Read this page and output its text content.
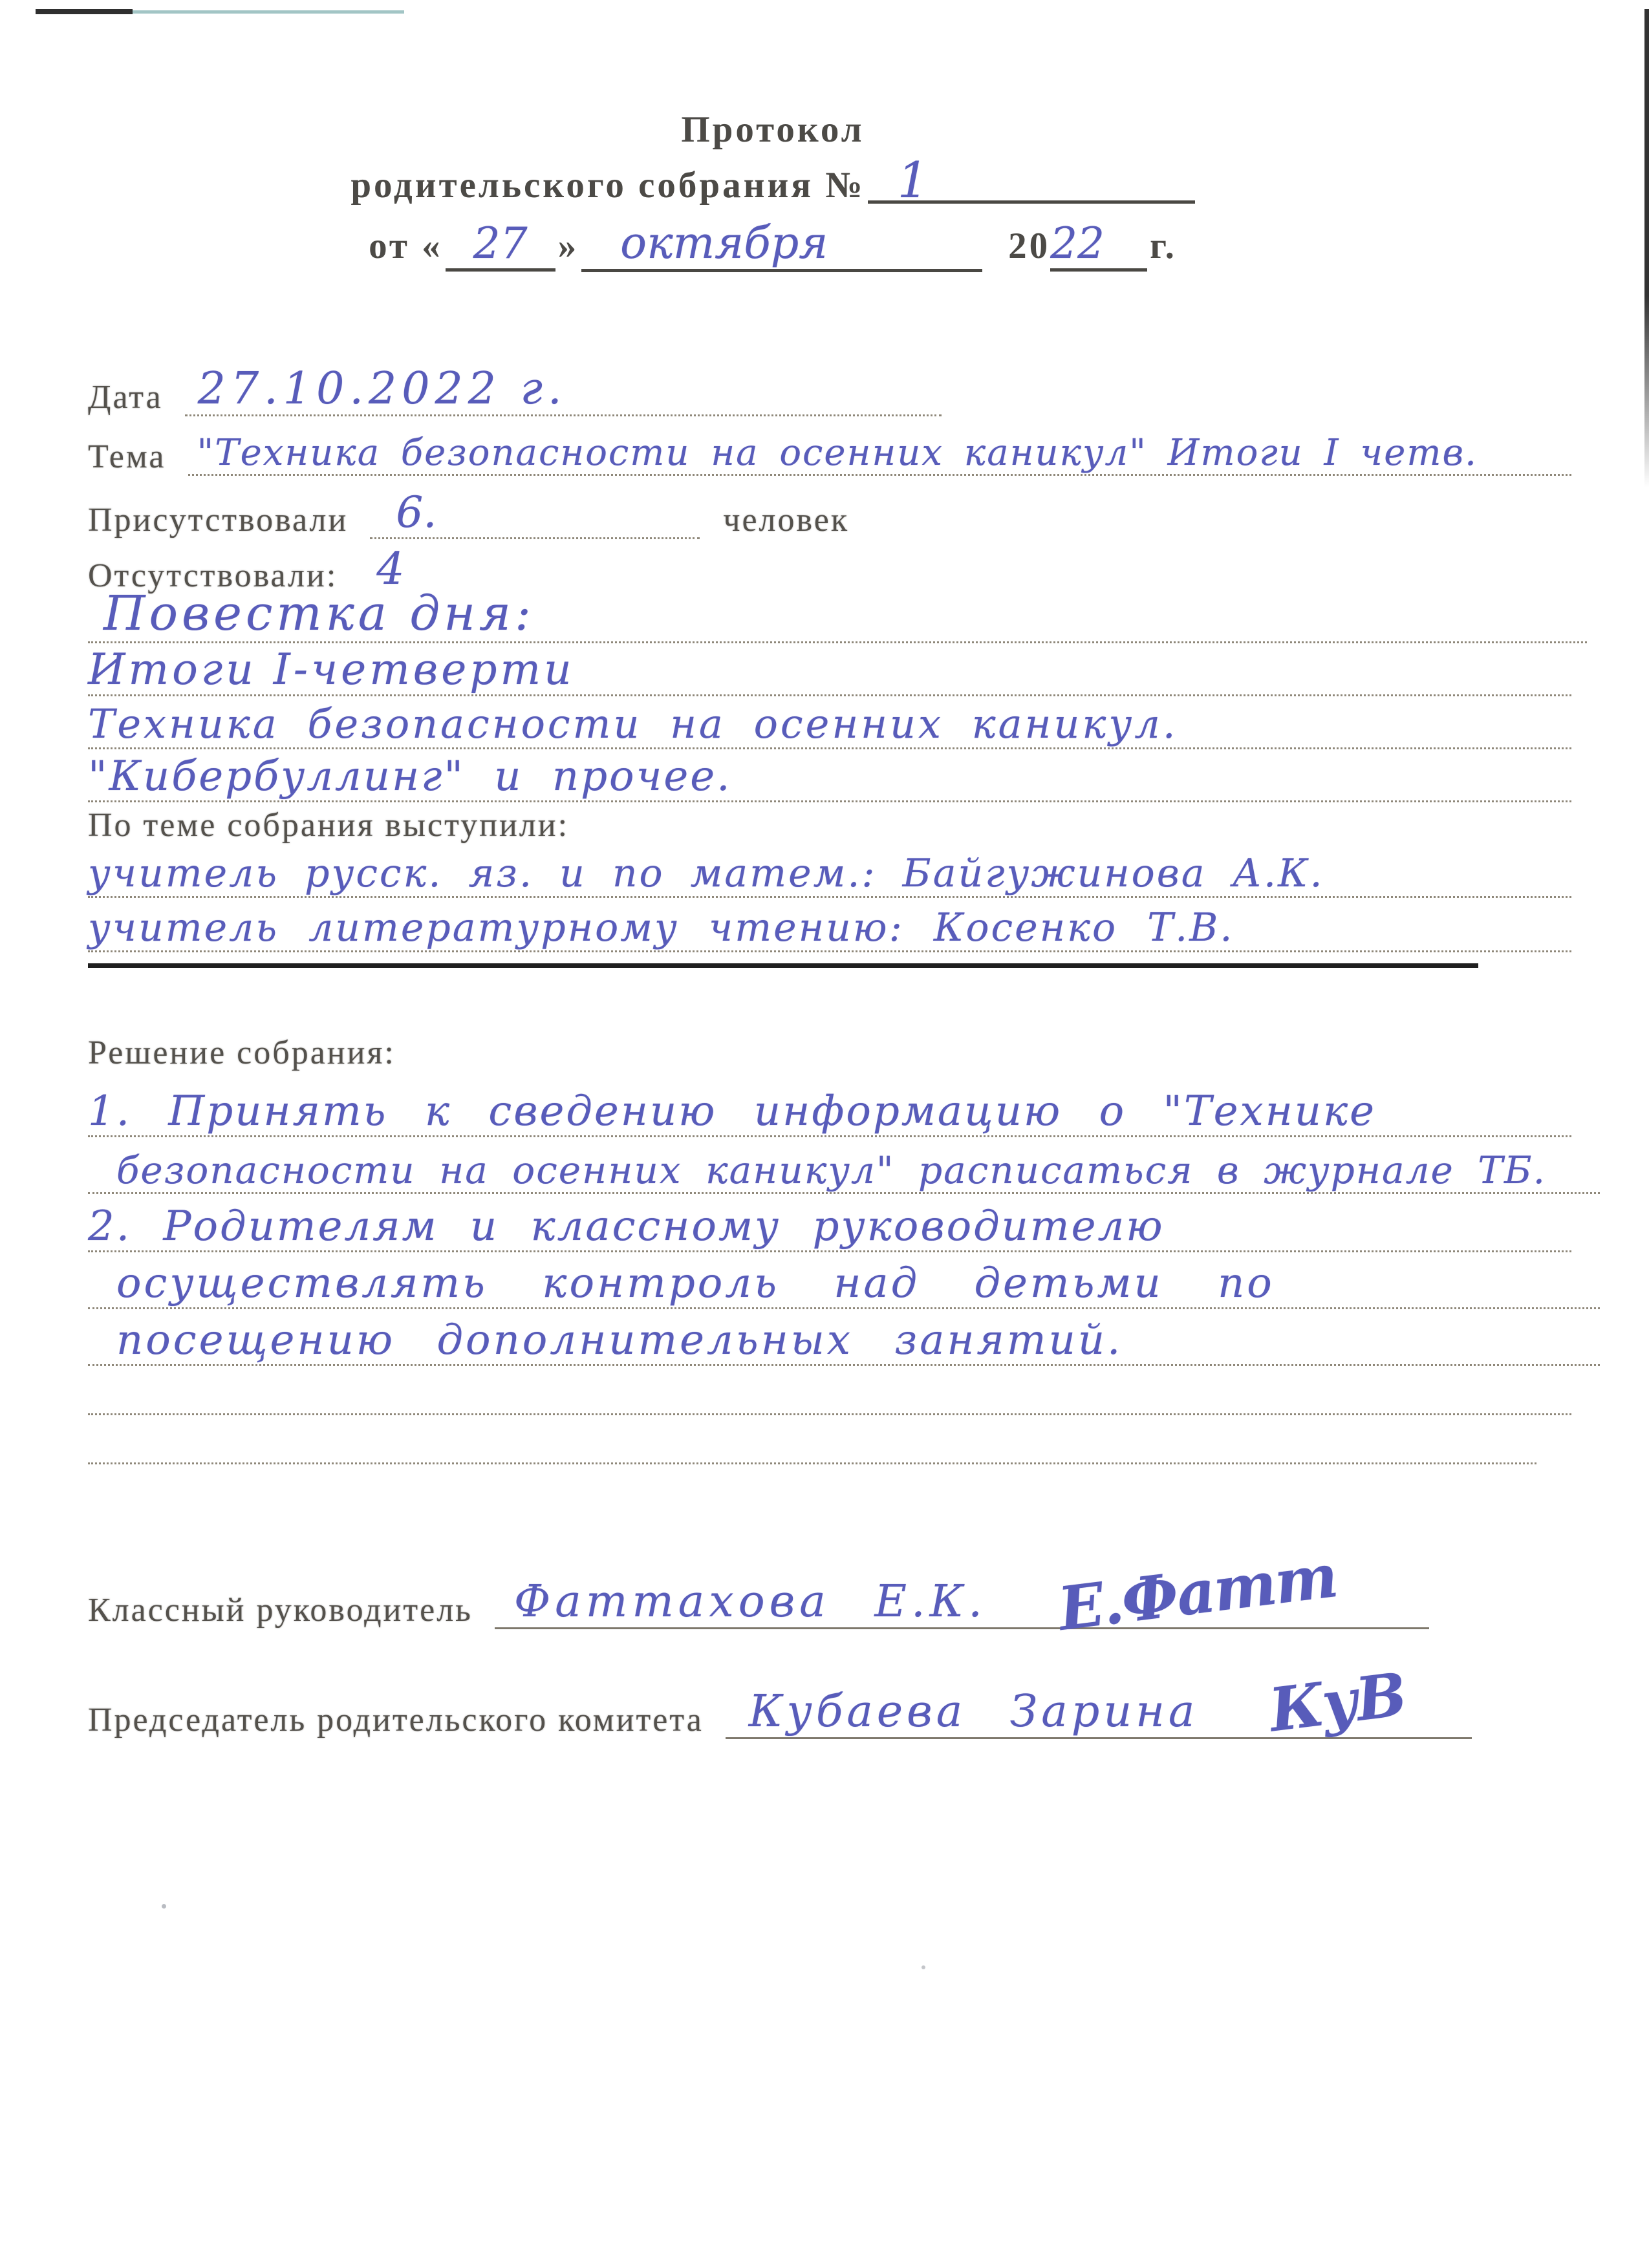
Протокол
родительского собрания № 1
от « 27 » октября	2022 г.
Дата 27.10.2022 г.
Тема "Техника безопасности на осенних каникул" Итоги I четв.
Присутствовали 6.	человек
Отсутствовали: 4
Повестка дня:
Итоги I-четверти
Техника безопасности на осенних каникул.
"Кибербуллинг" и прочее.
По теме собрания выступили:
учитель русск. яз. и по матем.: Байгужинова А.К.
учитель литературному чтению: Косенко Т.В.
Решение собрания:
1. Принять к сведению информацию о "Технике
безопасности на осенних каникул" расписаться в журнале ТБ.
2. Родителям и классному руководителю
осуществлять контроль над детьми по
посещению дополнительных занятий.
Классный руководитель Фаттахова Е.К. Е.Фатт
Председатель родительского комитета Кубаева Зарина КуВ
